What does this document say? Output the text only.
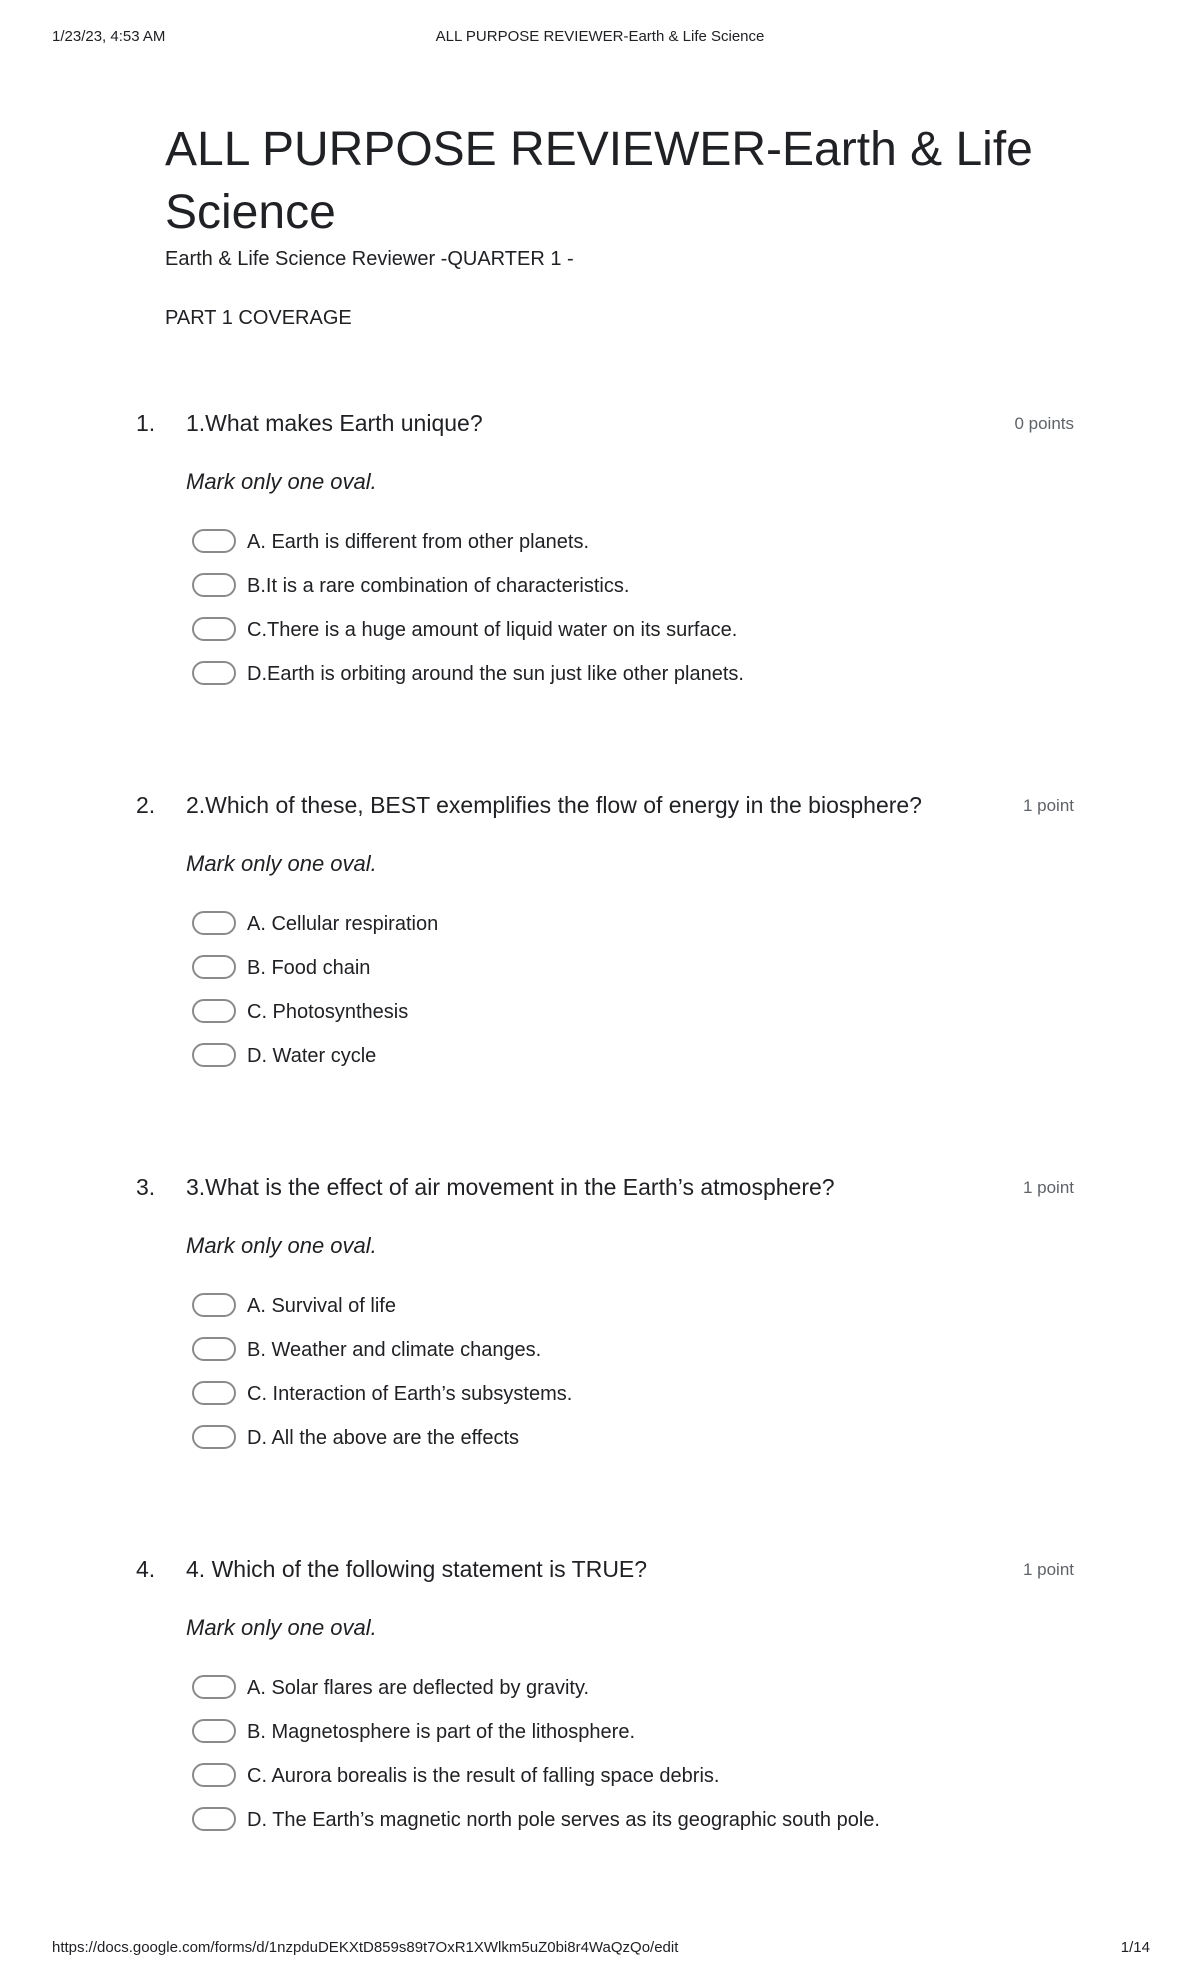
1/23/23, 4:53 AM	ALL PURPOSE REVIEWER-Earth & Life Science
ALL PURPOSE REVIEWER-Earth & Life Science
Earth & Life Science Reviewer -QUARTER 1 -
PART 1 COVERAGE
1. 1.What makes Earth unique?	0 points
Mark only one oval.
A. Earth is different from other planets.
B.It is a rare combination of characteristics.
C.There is a huge amount of liquid water on its surface.
D.Earth is orbiting around the sun just like other planets.
2. 2.Which of these, BEST exemplifies the flow of energy in the biosphere?	1 point
Mark only one oval.
A. Cellular respiration
B. Food chain
C. Photosynthesis
D. Water cycle
3. 3.What is the effect of air movement in the Earth’s atmosphere?	1 point
Mark only one oval.
A. Survival of life
B. Weather and climate changes.
C. Interaction of Earth’s subsystems.
D. All the above are the effects
4. 4. Which of the following statement is TRUE?	1 point
Mark only one oval.
A. Solar flares are deflected by gravity.
B. Magnetosphere is part of the lithosphere.
C. Aurora borealis is the result of falling space debris.
D. The Earth’s magnetic north pole serves as its geographic south pole.
https://docs.google.com/forms/d/1nzpduDEKXtD859s89t7OxR1XWlkm5uZ0bi8r4WaQzQo/edit	1/14
